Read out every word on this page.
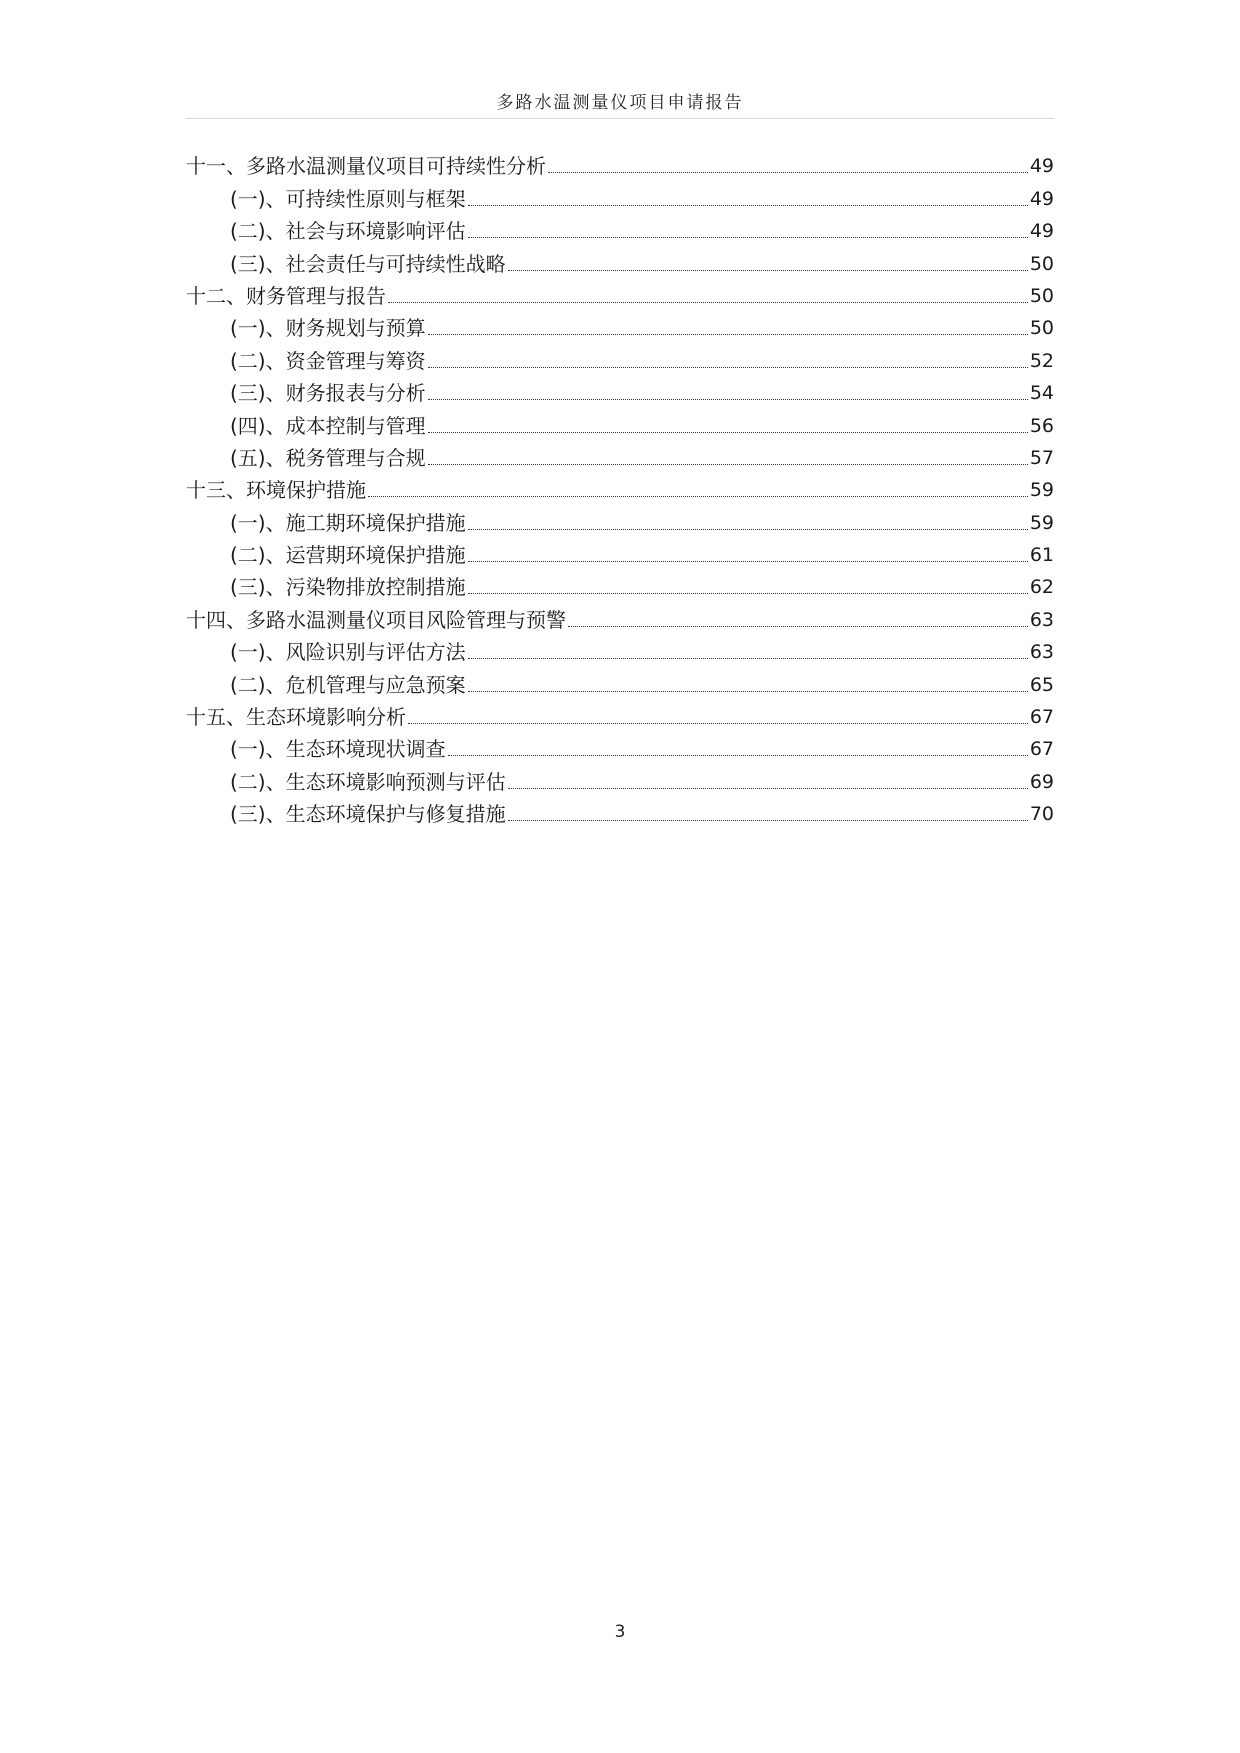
多路水温测量仪项目申请报告
十一、多路水温测量仪项目可持续性分析	49
(一)、可持续性原则与框架	49
(二)、社会与环境影响评估	49
(三)、社会责任与可持续性战略	50
十二、财务管理与报告	50
(一)、财务规划与预算	50
(二)、资金管理与筹资	52
(三)、财务报表与分析	54
(四)、成本控制与管理	56
(五)、税务管理与合规	57
十三、环境保护措施	59
(一)、施工期环境保护措施	59
(二)、运营期环境保护措施	61
(三)、污染物排放控制措施	62
十四、多路水温测量仪项目风险管理与预警	63
(一)、风险识别与评估方法	63
(二)、危机管理与应急预案	65
十五、生态环境影响分析	67
(一)、生态环境现状调查	67
(二)、生态环境影响预测与评估	69
(三)、生态环境保护与修复措施	70
3
